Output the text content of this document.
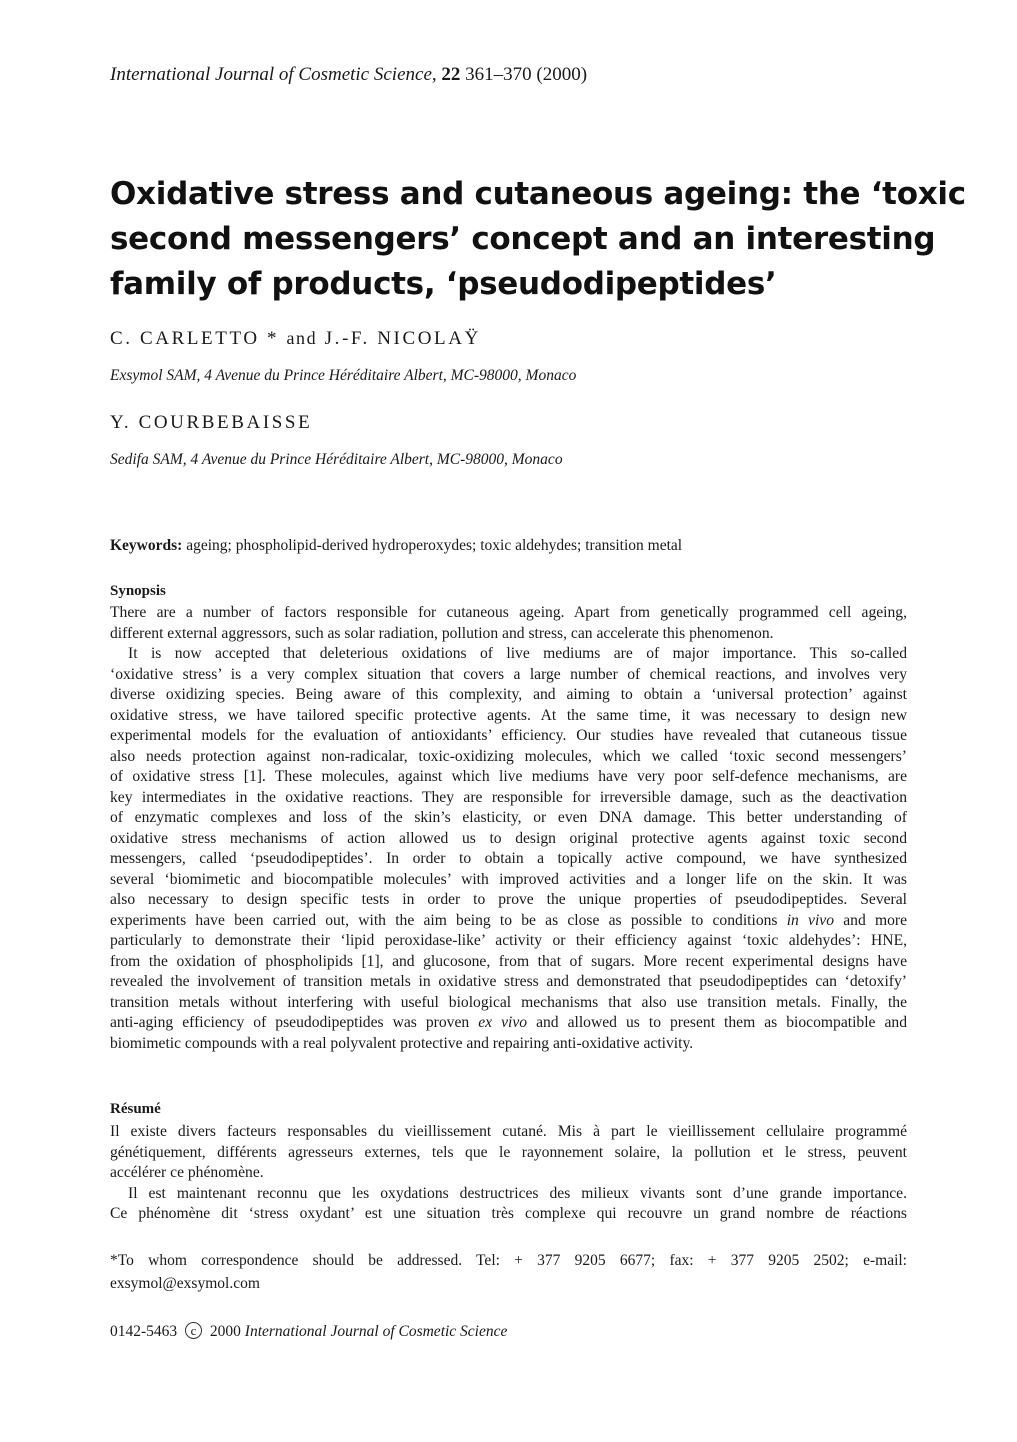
International Journal of Cosmetic Science, 22 361–370 (2000)
Oxidative stress and cutaneous ageing: the ‘toxic
second messengers’ concept and an interesting
family of products, ‘pseudodipeptides’
C. CARLETTO * and J.-F. NICOLAŸ
Exsymol SAM, 4 Avenue du Prince Héréditaire Albert, MC-98000, Monaco
Y. COURBEBAISSE
Sedifa SAM, 4 Avenue du Prince Héréditaire Albert, MC-98000, Monaco
Keywords: ageing; phospholipid-derived hydroperoxydes; toxic aldehydes; transition metal
Synopsis
There are a number of factors responsible for cutaneous ageing. Apart from genetically programmed cell ageing,
different external aggressors, such as solar radiation, pollution and stress, can accelerate this phenomenon.
It is now accepted that deleterious oxidations of live mediums are of major importance. This so-called
‘oxidative stress’ is a very complex situation that covers a large number of chemical reactions, and involves very
diverse oxidizing species. Being aware of this complexity, and aiming to obtain a ‘universal protection’ against
oxidative stress, we have tailored specific protective agents. At the same time, it was necessary to design new
experimental models for the evaluation of antioxidants’ efficiency. Our studies have revealed that cutaneous tissue
also needs protection against non-radicalar, toxic-oxidizing molecules, which we called ‘toxic second messengers’
of oxidative stress [1]. These molecules, against which live mediums have very poor self-defence mechanisms, are
key intermediates in the oxidative reactions. They are responsible for irreversible damage, such as the deactivation
of enzymatic complexes and loss of the skin’s elasticity, or even DNA damage. This better understanding of
oxidative stress mechanisms of action allowed us to design original protective agents against toxic second
messengers, called ‘pseudodipeptides’. In order to obtain a topically active compound, we have synthesized
several ‘biomimetic and biocompatible molecules’ with improved activities and a longer life on the skin. It was
also necessary to design specific tests in order to prove the unique properties of pseudodipeptides. Several
experiments have been carried out, with the aim being to be as close as possible to conditions in vivo and more
particularly to demonstrate their ‘lipid peroxidase-like’ activity or their efficiency against ‘toxic aldehydes’: HNE,
from the oxidation of phospholipids [1], and glucosone, from that of sugars. More recent experimental designs have
revealed the involvement of transition metals in oxidative stress and demonstrated that pseudodipeptides can ‘detoxify’
transition metals without interfering with useful biological mechanisms that also use transition metals. Finally, the
anti-aging efficiency of pseudodipeptides was proven ex vivo and allowed us to present them as biocompatible and
biomimetic compounds with a real polyvalent protective and repairing anti-oxidative activity.
Résumé
Il existe divers facteurs responsables du vieillissement cutané. Mis à part le vieillissement cellulaire programmé
génétiquement, différents agresseurs externes, tels que le rayonnement solaire, la pollution et le stress, peuvent
accélérer ce phénomène.
Il est maintenant reconnu que les oxydations destructrices des milieux vivants sont d’une grande importance.
Ce phénomène dit ‘stress oxydant’ est une situation très complexe qui recouvre un grand nombre de réactions
*To whom correspondence should be addressed. Tel: + 377 9205 6677; fax: + 377 9205 2502; e-mail:
exsymol@exsymol.com
0142-5463 c 2000 International Journal of Cosmetic Science
